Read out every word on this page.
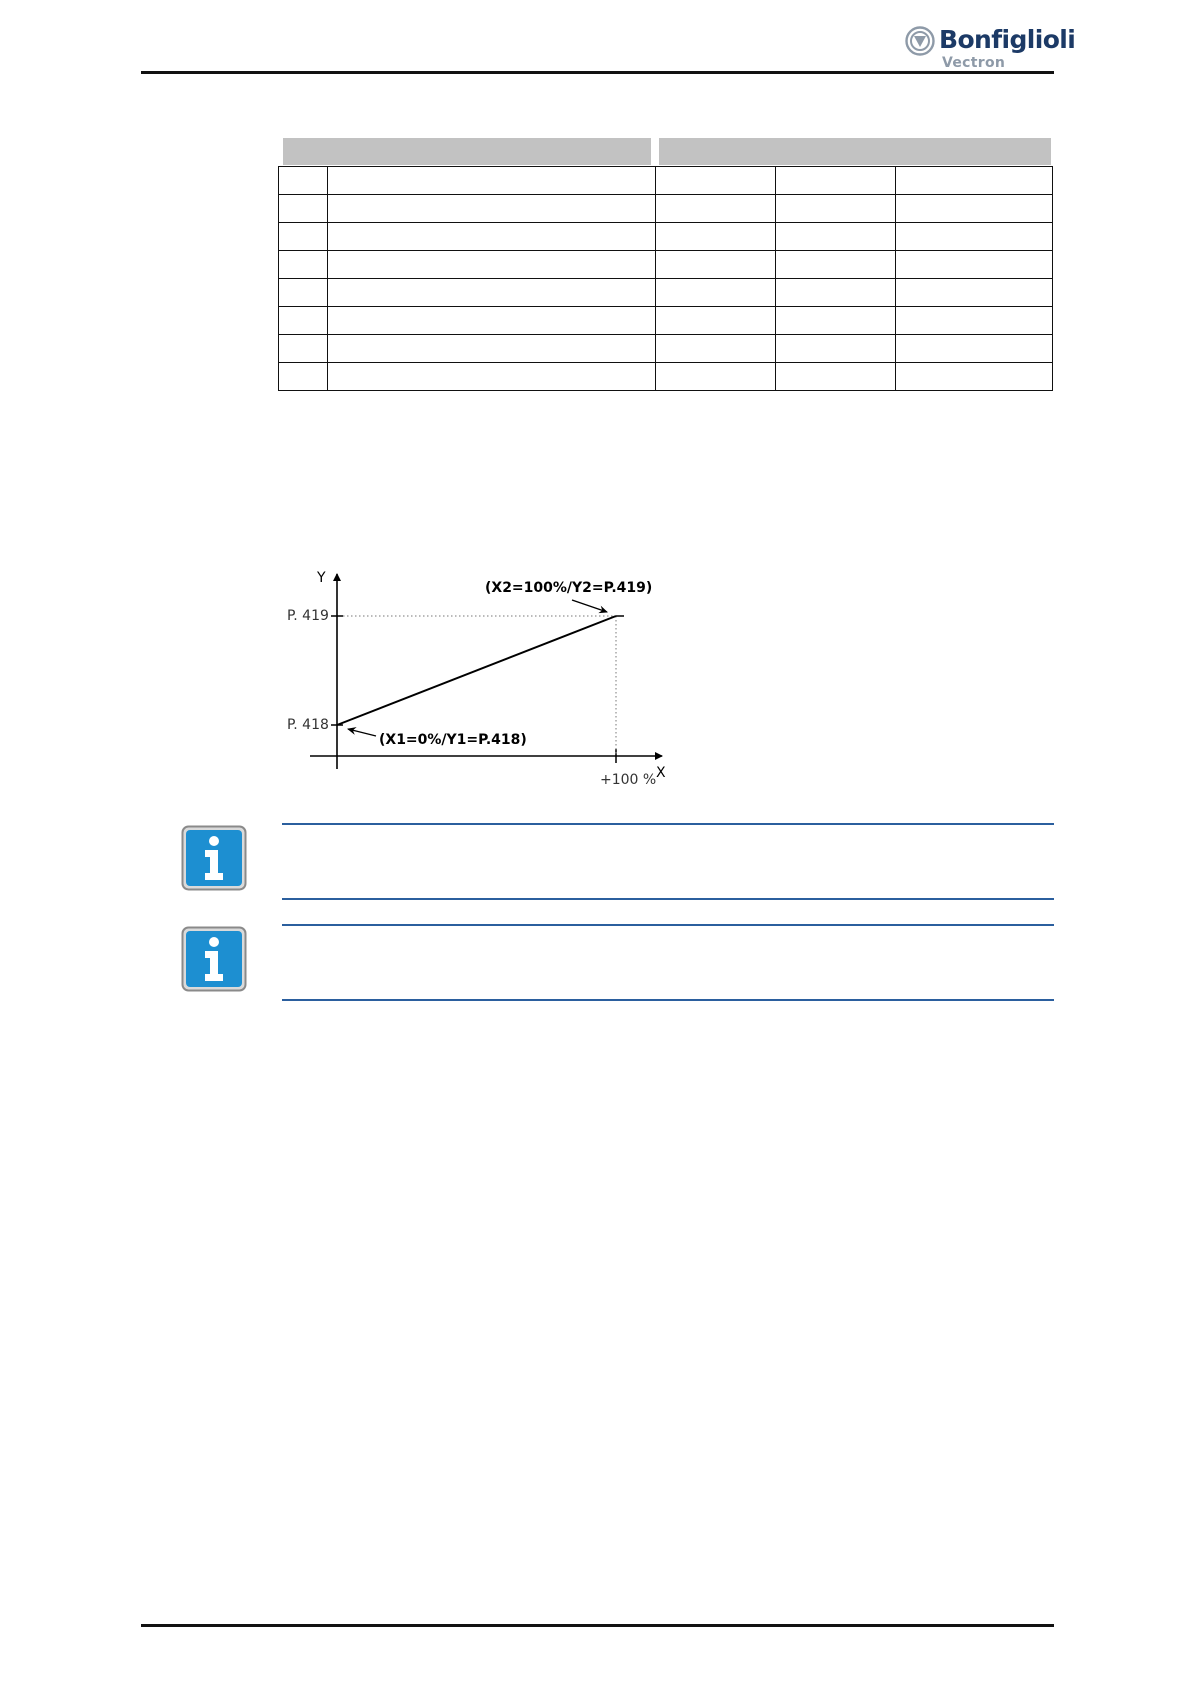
Bonfiglioli
Vectron

Y
X
P. 419
P. 418
+100 %
(X2=100%/Y2=P.419)
(X1=0%/Y1=P.418)
